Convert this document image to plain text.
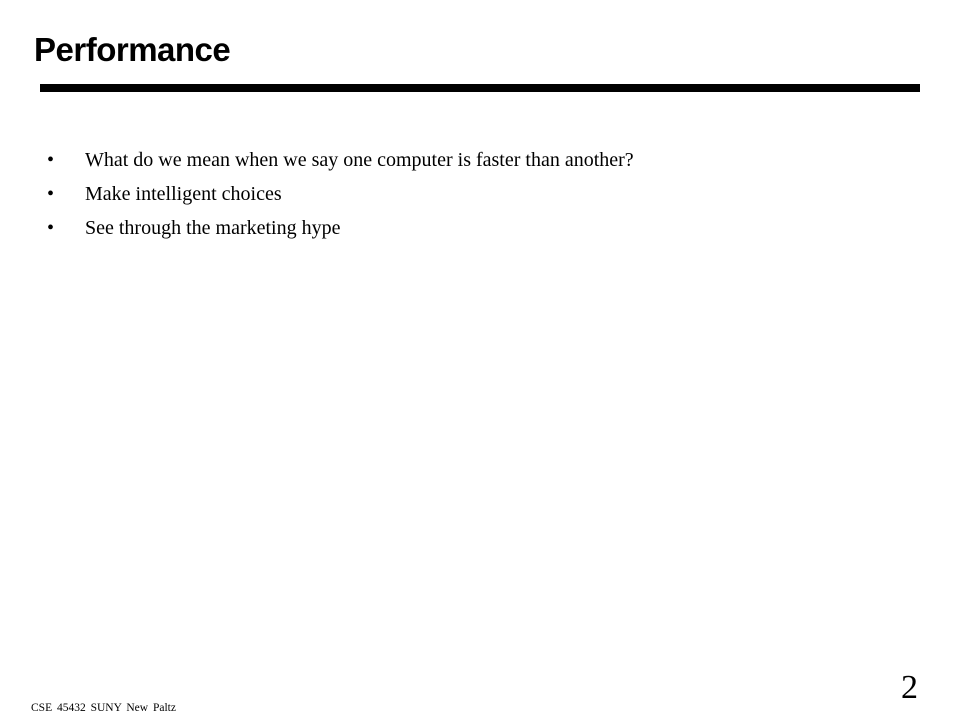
Performance
• What do we mean when we say one computer is faster than another?
• Make intelligent choices
• See through the marketing hype
CSE 45432 SUNY New Paltz
2
